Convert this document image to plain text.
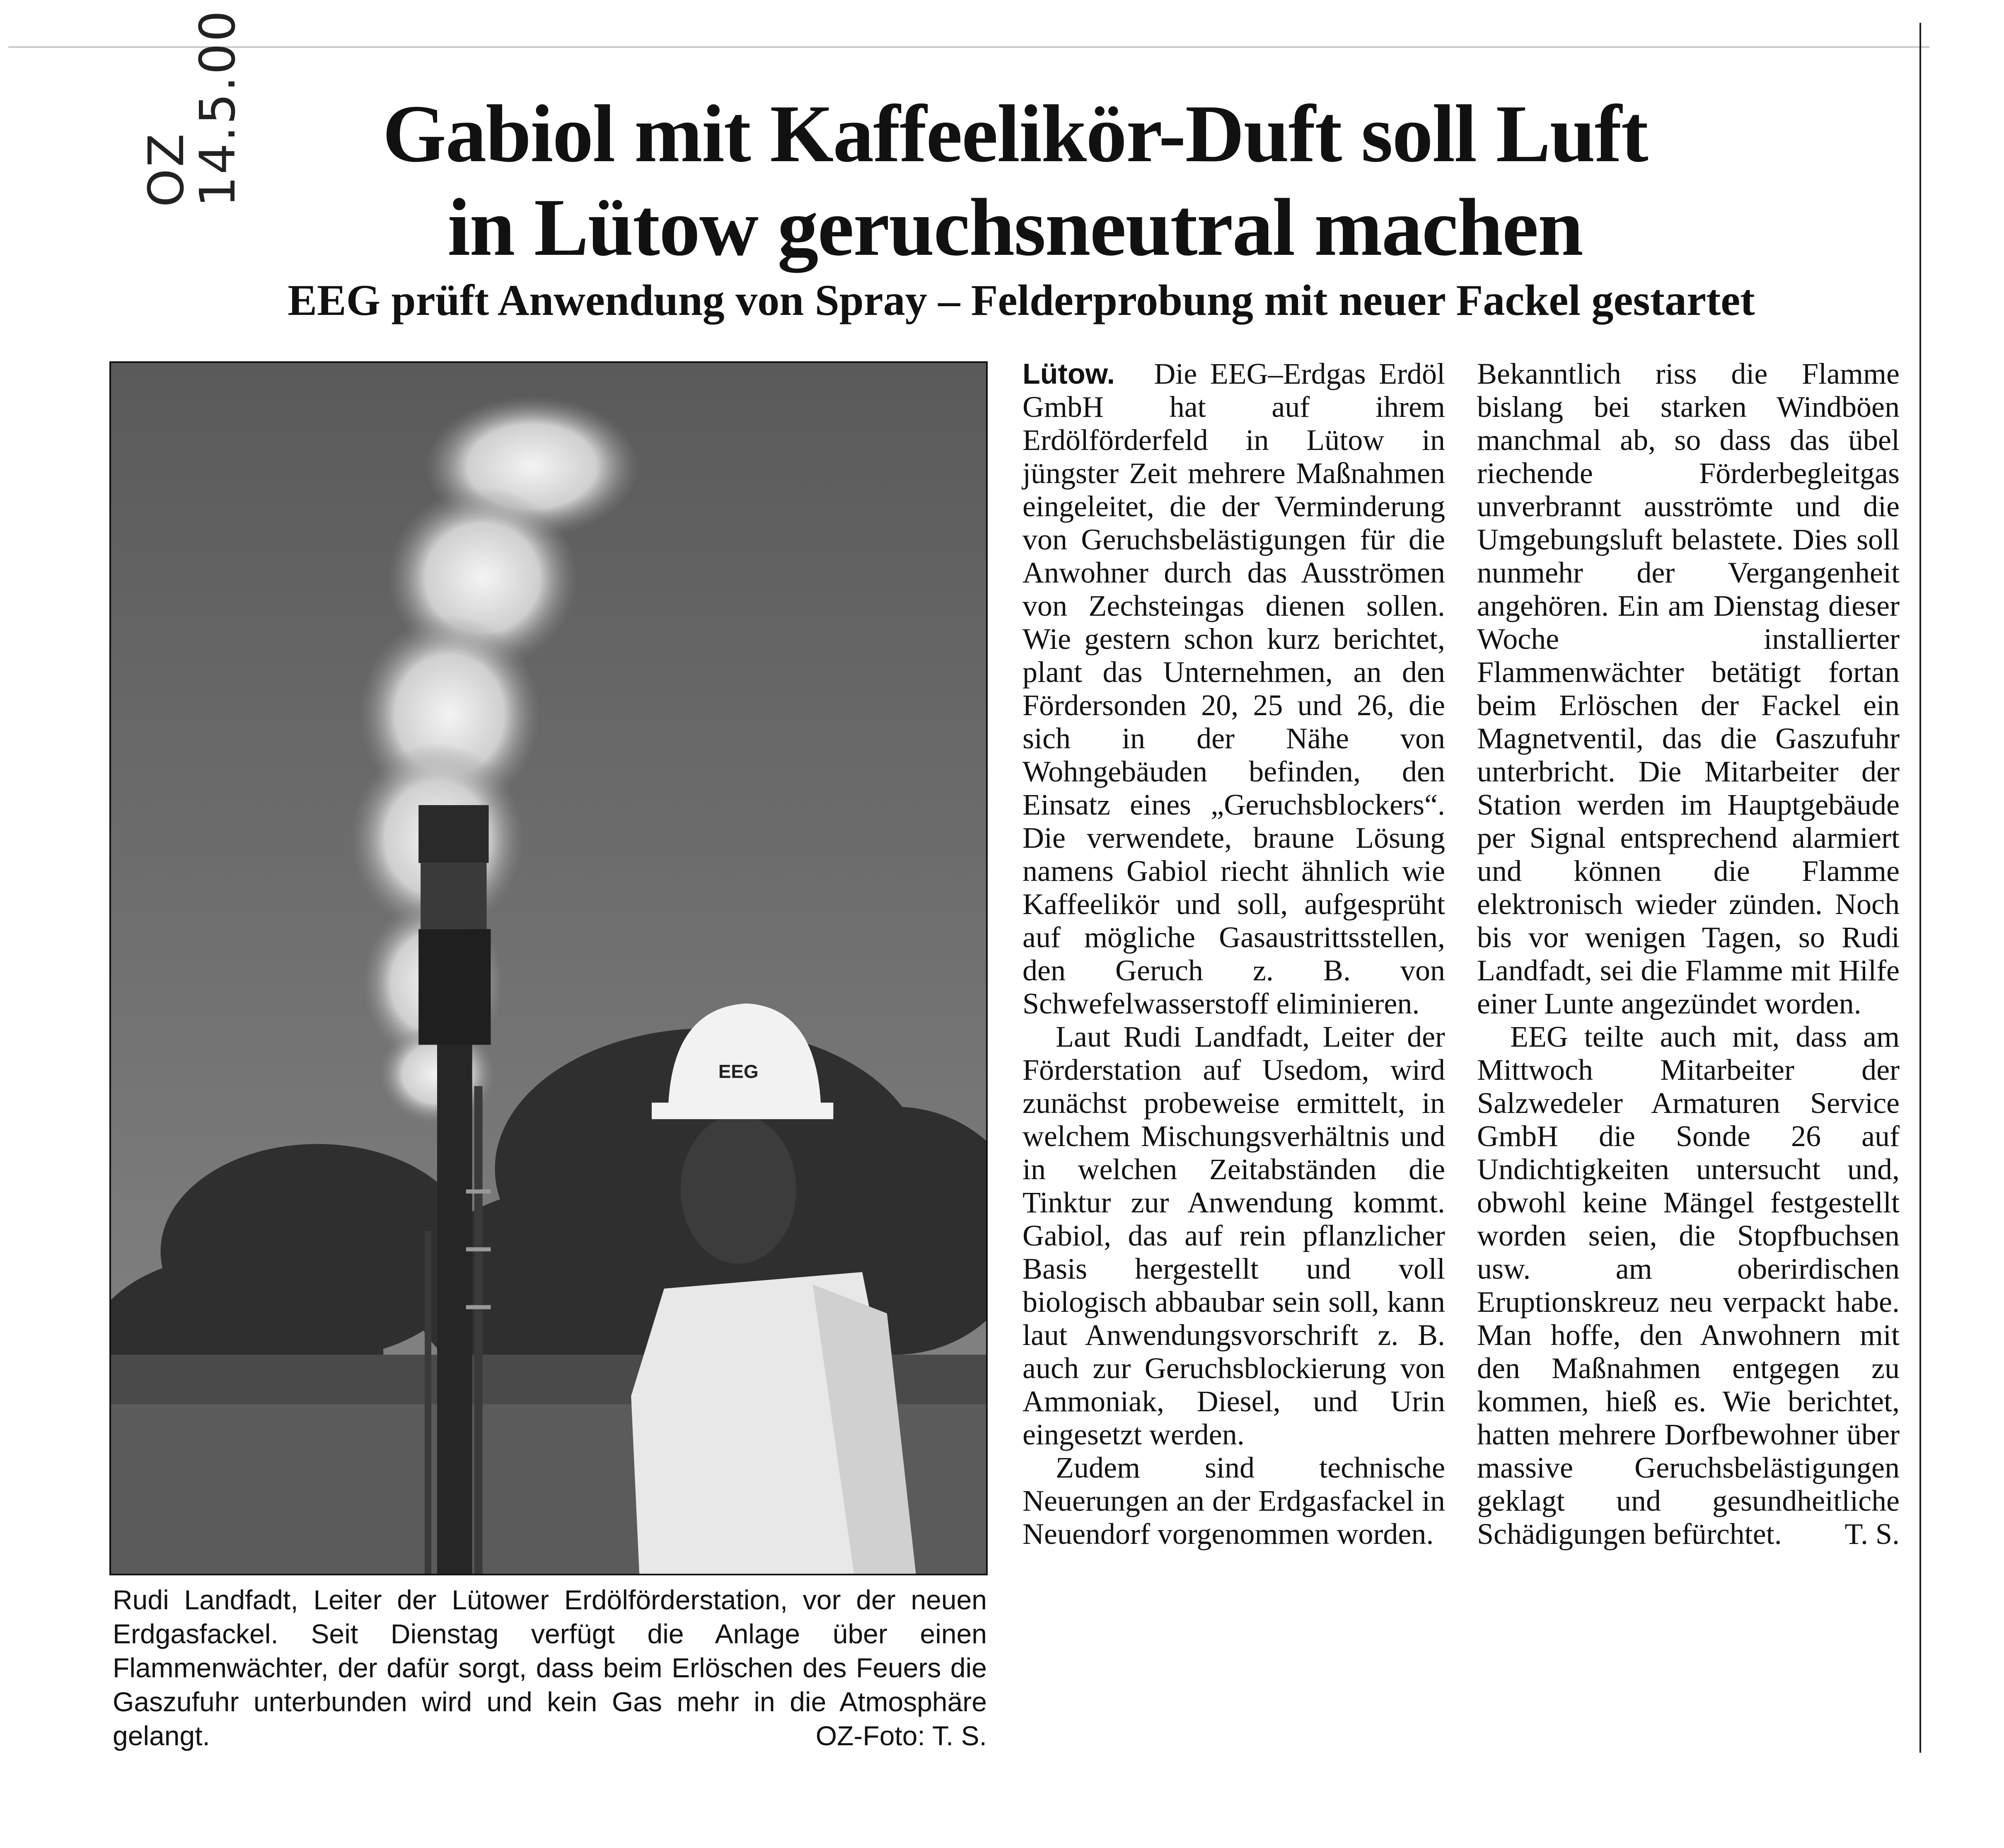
OZ
14.5.00	Gabiol mit Kaffeelikör-Duft soll Luft
in Lütow geruchsneutral machen
EEG prüft Anwendung von Spray – Felderprobung mit neuer Fackel gestartet
EEG

Rudi Landfadt, Leiter der Lütower Erdölförderstation, vor der neuen Erdgasfackel. Seit Dienstag verfügt die Anlage über einen Flammenwächter, der dafür sorgt, dass beim Erlöschen des Feuers die Gaszufuhr unterbunden wird und kein Gas mehr in die Atmosphäre gelangt.	OZ-Foto: T. S.

Lütow. Die EEG–Erdgas Erdöl GmbH hat auf ihrem Erdölförderfeld in Lütow in jüngster Zeit mehrere Maßnahmen eingeleitet, die der Verminderung von Geruchsbelästigungen für die Anwohner durch das Ausströmen von Zechsteingas dienen sollen. Wie gestern schon kurz berichtet, plant das Unternehmen, an den Fördersonden 20, 25 und 26, die sich in der Nähe von Wohngebäuden befinden, den Einsatz eines „Geruchsblockers“. Die verwendete, braune Lösung namens Gabiol riecht ähnlich wie Kaffeelikör und soll, aufgesprüht auf mögliche Gasaustrittsstellen, den Geruch z. B. von Schwefelwasserstoff eliminieren.

Laut Rudi Landfadt, Leiter der Förderstation auf Usedom, wird zunächst probeweise ermittelt, in welchem Mischungsverhältnis und in welchen Zeitabständen die Tinktur zur Anwendung kommt. Gabiol, das auf rein pflanzlicher Basis hergestellt und voll biologisch abbaubar sein soll, kann laut Anwendungsvorschrift z. B. auch zur Geruchsblockierung von Ammoniak, Diesel, und Urin eingesetzt werden.

Zudem sind technische Neuerungen an der Erdgasfackel in Neuendorf vorgenommen worden.

Bekanntlich riss die Flamme bislang bei starken Windböen manchmal ab, so dass das übel riechende Förderbegleitgas unverbrannt ausströmte und die Umgebungsluft belastete. Dies soll nunmehr der Vergangenheit angehören. Ein am Dienstag dieser Woche installierter Flammenwächter betätigt fortan beim Erlöschen der Fackel ein Magnetventil, das die Gaszufuhr unterbricht. Die Mitarbeiter der Station werden im Hauptgebäude per Signal entsprechend alarmiert und können die Flamme elektronisch wieder zünden. Noch bis vor wenigen Tagen, so Rudi Landfadt, sei die Flamme mit Hilfe einer Lunte angezündet worden.

EEG teilte auch mit, dass am Mittwoch Mitarbeiter der Salzwedeler Armaturen Service GmbH die Sonde 26 auf Undichtigkeiten untersucht und, obwohl keine Mängel festgestellt worden seien, die Stopfbuchsen usw. am oberirdischen Eruptionskreuz neu verpackt habe. Man hoffe, den Anwohnern mit den Maßnahmen entgegen zu kommen, hieß es. Wie berichtet, hatten mehrere Dorfbewohner über massive Geruchsbelästigungen geklagt und gesundheitliche Schädigungen befürchtet.	T. S.
